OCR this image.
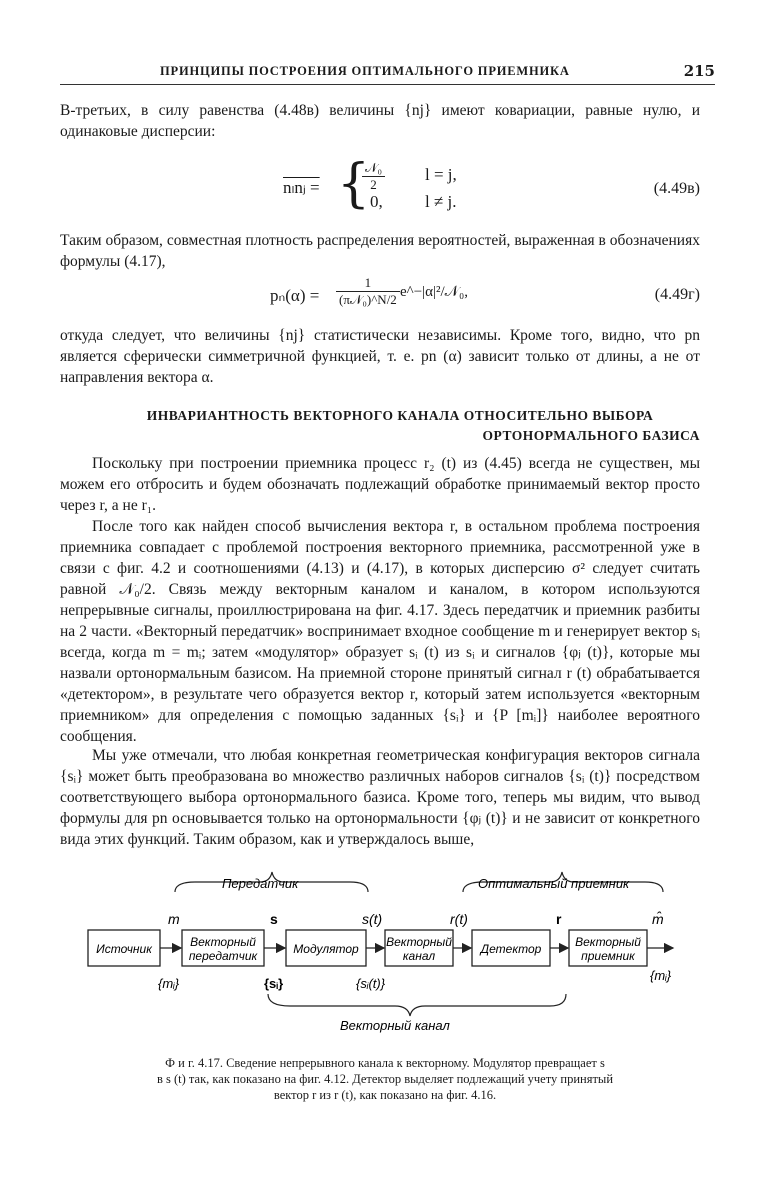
ПРИНЦИПЫ ПОСТРОЕНИЯ ОПТИМАЛЬНОГО ПРИЕМНИКА	215

В-третьих, в силу равенства (4.48в) величины {nj} имеют ковариации, равные нулю, и одинаковые дисперсии:

nₗnⱼ = {
$\frac{\text{𝒩₀}}{2}$ l = j,
0, l ≠ j.
(4.49в)

Таким образом, совместная плотность распределения вероятностей, выраженная в обозначениях формулы (4.17),

$p_n(\alpha) = \frac{1}{\text{(π𝒩₀)\textasciicircum{}N/2}}$ e^−|α|²/𝒩₀,	(4.49г)

откуда следует, что величины {nj} статистически независимы. Кроме того, видно, что pn является сферически симметричной функцией, т. е. pn (α) зависит только от длины, а не от направления вектора α.

ИНВАРИАНТНОСТЬ ВЕКТОРНОГО КАНАЛА ОТНОСИТЕЛЬНО ВЫБОРА
ОРТОНОРМАЛЬНОГО БАЗИСА

Поскольку при построении приемника процесс r₂ (t) из (4.45) всегда не существен, мы можем его отбросить и будем обозначать подлежащий обработке принимаемый вектор просто через r, а не r₁.

После того как найден способ вычисления вектора r, в остальном проблема построения приемника совпадает с проблемой построения векторного приемника, рассмотренной уже в связи с фиг. 4.2 и соотношениями (4.13) и (4.17), в которых дисперсию σ² следует считать равной 𝒩₀/2. Связь между векторным каналом и каналом, в котором используются непрерывные сигналы, проиллюстрирована на фиг. 4.17. Здесь передатчик и приемник разбиты на 2 части. «Векторный передатчик» воспринимает входное сообщение m и генерирует вектор sᵢ всегда, когда m = mᵢ; затем «модулятор» образует sᵢ (t) из sᵢ и сигналов {φⱼ (t)}, которые мы назвали ортонормальным базисом. На приемной стороне принятый сигнал r (t) обрабатывается «детектором», в результате чего образуется вектор r, который затем используется «векторным приемником» для определения с помощью заданных {sᵢ} и {P [mᵢ]} наиболее вероятного сообщения.

Мы уже отмечали, что любая конкретная геометрическая конфигурация векторов сигнала {sᵢ} может быть преобразована во множество различных наборов сигналов {sᵢ (t)} посредством соответствующего выбора ортонормального базиса. Кроме того, теперь мы видим, что вывод формулы для pn основывается только на ортонормальности {φⱼ (t)} и не зависит от конкретного вида этих функций. Таким образом, как и утверждалось выше,

Передатчик	Оптимальный приемник
Источник	Векторный
передатчик	Модулятор Векторный
канал	Детектор	Векторный
приемник
m	s	s(t)	r(t)	r	m̂
{mᵢ}	{sᵢ}	{sᵢ(t)}
{mᵢ}
Векторный канал
Ф и г. 4.17. Сведение непрерывного канала к векторному. Модулятор превращает s
в s (t) так, как показано на фиг. 4.12. Детектор выделяет подлежащий учету принятый
вектор r из r (t), как показано на фиг. 4.16.
